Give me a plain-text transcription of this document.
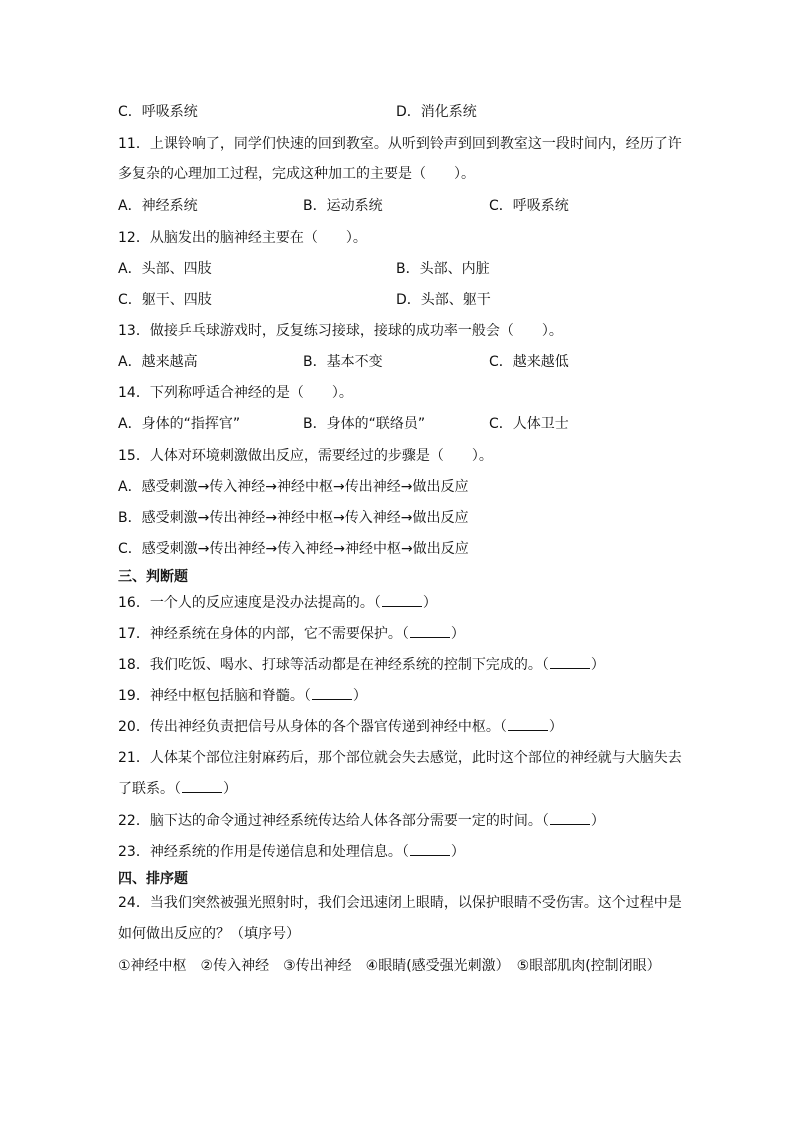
C．呼吸系统	D．消化系统
11．上课铃响了，同学们快速的回到教室。从听到铃声到回到教室这一段时间内，经历了许
多复杂的心理加工过程，完成这种加工的主要是（　　）。
A．神经系统	B．运动系统	C．呼吸系统
12．从脑发出的脑神经主要在（　　）。
A．头部、四肢	B．头部、内脏
C．躯干、四肢	D．头部、躯干
13．做接乒乓球游戏时，反复练习接球，接球的成功率一般会（　　）。
A．越来越高	B．基本不变	C．越来越低
14．下列称呼适合神经的是（　　）。
A．身体的“指挥官”	B．身体的“联络员”	C．人体卫士
15．人体对环境刺激做出反应，需要经过的步骤是（　　）。
A．感受刺激→传入神经→神经中枢→传出神经→做出反应
B．感受刺激→传出神经→神经中枢→传入神经→做出反应
C．感受刺激→传出神经→传入神经→神经中枢→做出反应
三、判断题
16．一个人的反应速度是没办法提高的。（	）
17．神经系统在身体的内部，它不需要保护。（	）
18．我们吃饭、喝水、打球等活动都是在神经系统的控制下完成的。（	）
19．神经中枢包括脑和脊髓。（	）
20．传出神经负责把信号从身体的各个器官传递到神经中枢。（	）
21．人体某个部位注射麻药后，那个部位就会失去感觉，此时这个部位的神经就与大脑失去
了联系。（	）
22．脑下达的命令通过神经系统传达给人体各部分需要一定的时间。（	）
23．神经系统的作用是传递信息和处理信息。（	）
四、排序题
24．当我们突然被强光照射时，我们会迅速闭上眼睛，以保护眼睛不受伤害。这个过程中是
如何做出反应的？（填序号）
①神经中枢　②传入神经　③传出神经　④眼睛(感受强光刺激）　⑤眼部肌肉(控制闭眼）
